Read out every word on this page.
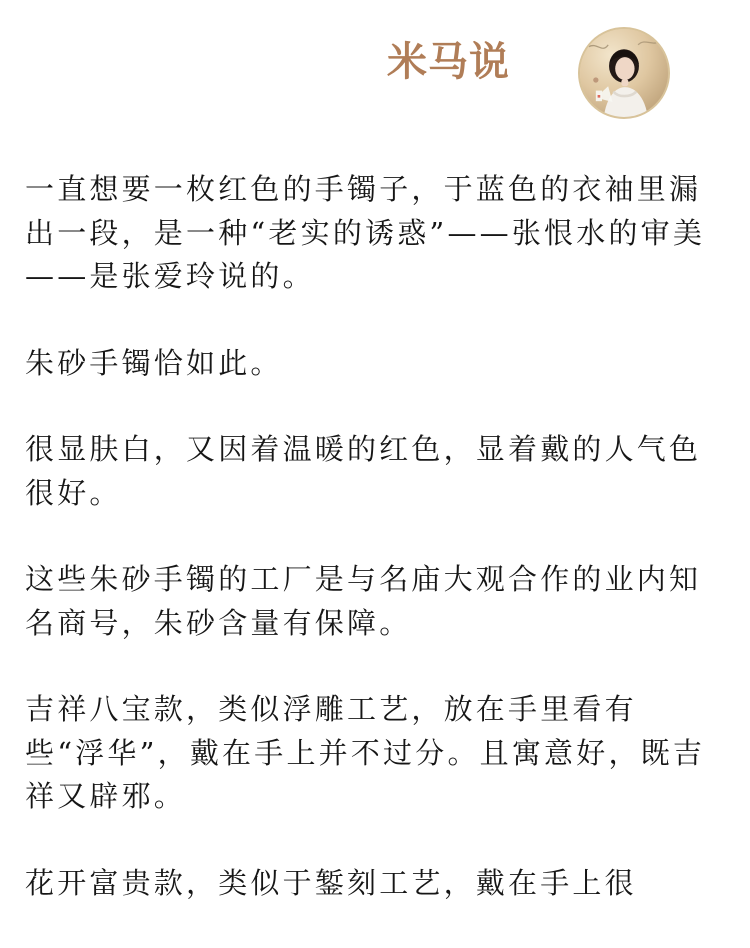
米马说

一直想要一枚红色的手镯子，于蓝色的衣袖里漏出一段，是一种“老实的诱惑”——张恨水的审美——是张爱玲说的。

朱砂手镯恰如此。

很显肤白，又因着温暖的红色，显着戴的人气色很好。

这些朱砂手镯的工厂是与名庙大观合作的业内知名商号，朱砂含量有保障。

吉祥八宝款，类似浮雕工艺，放在手里看有些“浮华”，戴在手上并不过分。且寓意好，既吉祥又辟邪。

花开富贵款，类似于錾刻工艺，戴在手上很
